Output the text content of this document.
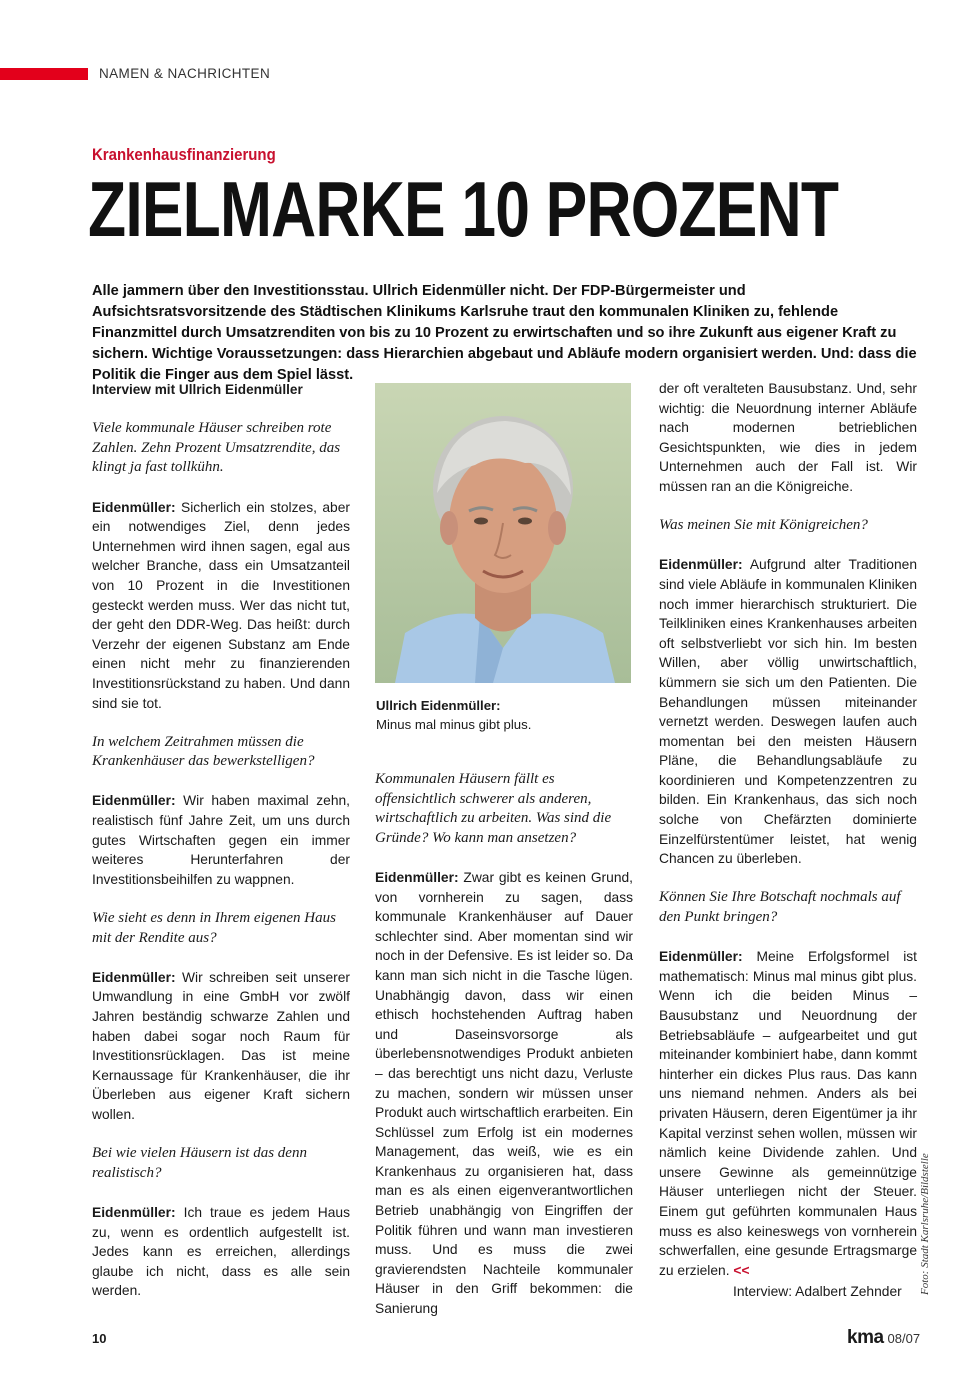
NAMEN & NACHRICHTEN
Krankenhausfinanzierung
ZIELMARKE 10 PROZENT

Alle jammern über den Investitionsstau. Ullrich Eidenmüller nicht. Der FDP-Bürgermeister und Aufsichtsratsvorsitzende des Städtischen Klinikums Karlsruhe traut den kommunalen Kliniken zu, fehlende Finanzmittel durch Umsatzrenditen von bis zu 10 Prozent zu erwirtschaften und so ihre Zukunft aus eigener Kraft zu sichern. Wichtige Voraussetzungen: dass Hierarchien abgebaut und Abläufe modern organisiert werden. Und: dass die Politik die Finger aus dem Spiel lässt.

Interview mit Ullrich Eidenmüller

Viele kommunale Häuser schreiben rote Zahlen. Zehn Prozent Umsatzrendite, das klingt ja fast tollkühn.

Eidenmüller: Sicherlich ein stolzes, aber ein notwendiges Ziel, denn jedes Unternehmen wird ihnen sagen, egal aus welcher Branche, dass ein Umsatzanteil von 10 Prozent in die Investitionen gesteckt werden muss. Wer das nicht tut, der geht den DDR-Weg. Das heißt: durch Verzehr der eigenen Substanz am Ende einen nicht mehr zu finanzierenden Investitionsrückstand zu haben. Und dann sind sie tot.

In welchem Zeitrahmen müssen die Krankenhäuser das bewerkstelligen?

Eidenmüller: Wir haben maximal zehn, realistisch fünf Jahre Zeit, um uns durch gutes Wirtschaften gegen ein immer weiteres Herunterfahren der Investitionsbeihilfen zu wappnen.

Wie sieht es denn in Ihrem eigenen Haus mit der Rendite aus?

Eidenmüller: Wir schreiben seit unserer Umwandlung in eine GmbH vor zwölf Jahren beständig schwarze Zahlen und haben dabei sogar noch Raum für Investitionsrücklagen. Das ist meine Kernaussage für Krankenhäuser, die ihr Überleben aus eigener Kraft sichern wollen.

Bei wie vielen Häusern ist das denn realistisch?

Eidenmüller: Ich traue es jedem Haus zu, wenn es ordentlich aufgestellt ist. Jedes kann es erreichen, allerdings glaube ich nicht, dass es alle sein werden.

Ullrich Eidenmüller:
Minus mal minus gibt plus.

Kommunalen Häusern fällt es offensichtlich schwerer als anderen, wirtschaftlich zu arbeiten. Was sind die Gründe? Wo kann man ansetzen?

Eidenmüller: Zwar gibt es keinen Grund, von vornherein zu sagen, dass kommunale Krankenhäuser auf Dauer schlechter sind. Aber momentan sind wir noch in der Defensive. Es ist leider so. Da kann man sich nicht in die Tasche lügen. Unabhängig davon, dass wir einen ethisch hochstehenden Auftrag haben und Daseinsvorsorge als überlebensnotwendiges Produkt anbieten – das berechtigt uns nicht dazu, Verluste zu machen, sondern wir müssen unser Produkt auch wirtschaftlich erarbeiten. Ein Schlüssel zum Erfolg ist ein modernes Management, das weiß, wie es ein Krankenhaus zu organisieren hat, dass man es als einen eigenverantwortlichen Betrieb unabhängig von Eingriffen der Politik führen und wann man investieren muss. Und es muss die zwei gravierendsten Nachteile kommunaler Häuser in den Griff bekommen: die Sanierung

der oft veralteten Bausubstanz. Und, sehr wichtig: die Neuordnung interner Abläufe nach modernen betrieblichen Gesichtspunkten, wie dies in jedem Unternehmen auch der Fall ist. Wir müssen ran an die Königreiche.

Was meinen Sie mit Königreichen?

Eidenmüller: Aufgrund alter Traditionen sind viele Abläufe in kommunalen Kliniken noch immer hierarchisch strukturiert. Die Teilkliniken eines Krankenhauses arbeiten oft selbstverliebt vor sich hin. Im besten Willen, aber völlig unwirtschaftlich, kümmern sie sich um den Patienten. Die Behandlungen müssen miteinander vernetzt werden. Deswegen laufen auch momentan bei den meisten Häusern Pläne, die Behandlungsabläufe zu koordinieren und Kompetenzzentren zu bilden. Ein Krankenhaus, das sich noch solche von Chefärzten dominierte Einzelfürstentümer leistet, hat wenig Chancen zu überleben.

Können Sie Ihre Botschaft nochmals auf den Punkt bringen?

Eidenmüller: Meine Erfolgsformel ist mathematisch: Minus mal minus gibt plus. Wenn ich die beiden Minus – Bausubstanz und Neuordnung der Betriebsabläufe – aufgearbeitet und gut miteinander kombiniert habe, dann kommt hinterher ein dickes Plus raus. Das kann uns niemand nehmen. Anders als bei privaten Häusern, deren Eigentümer ja ihr Kapital verzinst sehen wollen, müssen wir nämlich keine Dividende zahlen. Und unsere Gewinne als gemeinnützige Häuser unterliegen nicht der Steuer. Einem gut geführten kommunalen Haus muss es also keineswegs von vornherein schwerfallen, eine gesunde Ertragsmarge zu erzielen. <<

Interview: Adalbert Zehnder Foto: Stadt Karlsruhe/Bildstelle
10	kma 08/07
